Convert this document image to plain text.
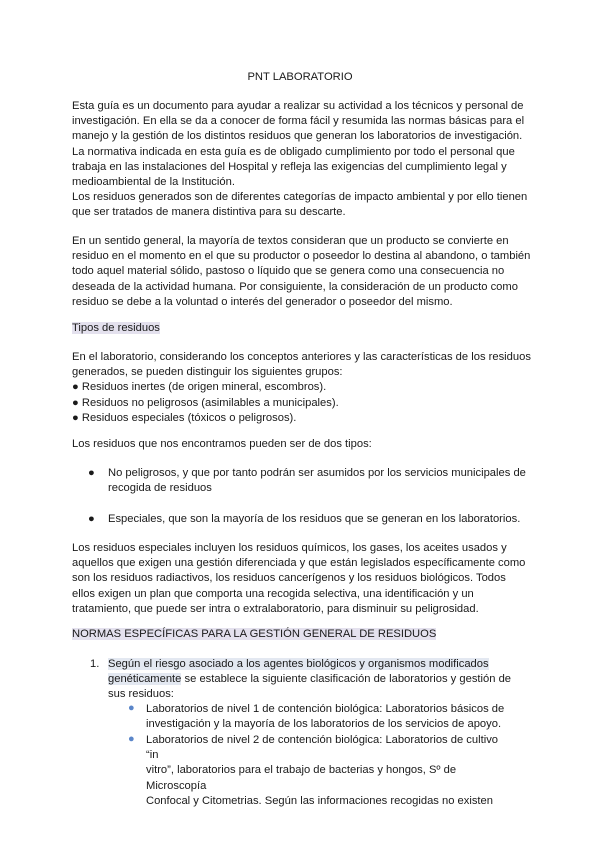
PNT LABORATORIO

Esta guía es un documento para ayudar a realizar su actividad a los técnicos y personal de
investigación. En ella se da a conocer de forma fácil y resumida las normas básicas para el
manejo y la gestión de los distintos residuos que generan los laboratorios de investigación.
La normativa indicada en esta guía es de obligado cumplimiento por todo el personal que
trabaja en las instalaciones del Hospital y refleja las exigencias del cumplimiento legal y
medioambiental de la Institución.
Los residuos generados son de diferentes categorías de impacto ambiental y por ello tienen
que ser tratados de manera distintiva para su descarte.
En un sentido general, la mayoría de textos consideran que un producto se convierte en
residuo en el momento en el que su productor o poseedor lo destina al abandono, o también
todo aquel material sólido, pastoso o líquido que se genera como una consecuencia no
deseada de la actividad humana. Por consiguiente, la consideración de un producto como
residuo se debe a la voluntad o interés del generador o poseedor del mismo.
Tipos de residuos
En el laboratorio, considerando los conceptos anteriores y las características de los residuos
generados, se pueden distinguir los siguientes grupos:
● Residuos inertes (de origen mineral, escombros).
● Residuos no peligrosos (asimilables a municipales).
● Residuos especiales (tóxicos o peligrosos).
Los residuos que nos encontramos pueden ser de dos tipos:
● No peligrosos, y que por tanto podrán ser asumidos por los servicios municipales de
recogida de residuos
● Especiales, que son la mayoría de los residuos que se generan en los laboratorios.
Los residuos especiales incluyen los residuos químicos, los gases, los aceites usados y
aquellos que exigen una gestión diferenciada y que están legislados específicamente como
son los residuos radiactivos, los residuos cancerígenos y los residuos biológicos. Todos
ellos exigen un plan que comporta una recogida selectiva, una identificación y un
tratamiento, que puede ser intra o extralaboratorio, para disminuir su peligrosidad.
NORMAS ESPECÍFICAS PARA LA GESTIÓN GENERAL DE RESIDUOS
1. Según el riesgo asociado a los agentes biológicos y organismos modificados
genéticamente se establece la siguiente clasificación de laboratorios y gestión de
sus residuos:
● Laboratorios de nivel 1 de contención biológica: Laboratorios básicos de
investigación y la mayoría de los laboratorios de los servicios de apoyo.
● Laboratorios de nivel 2 de contención biológica: Laboratorios de cultivo “in
vitro”, laboratorios para el trabajo de bacterias y hongos, Sº de Microscopía
Confocal y Citometrias. Según las informaciones recogidas no existen
